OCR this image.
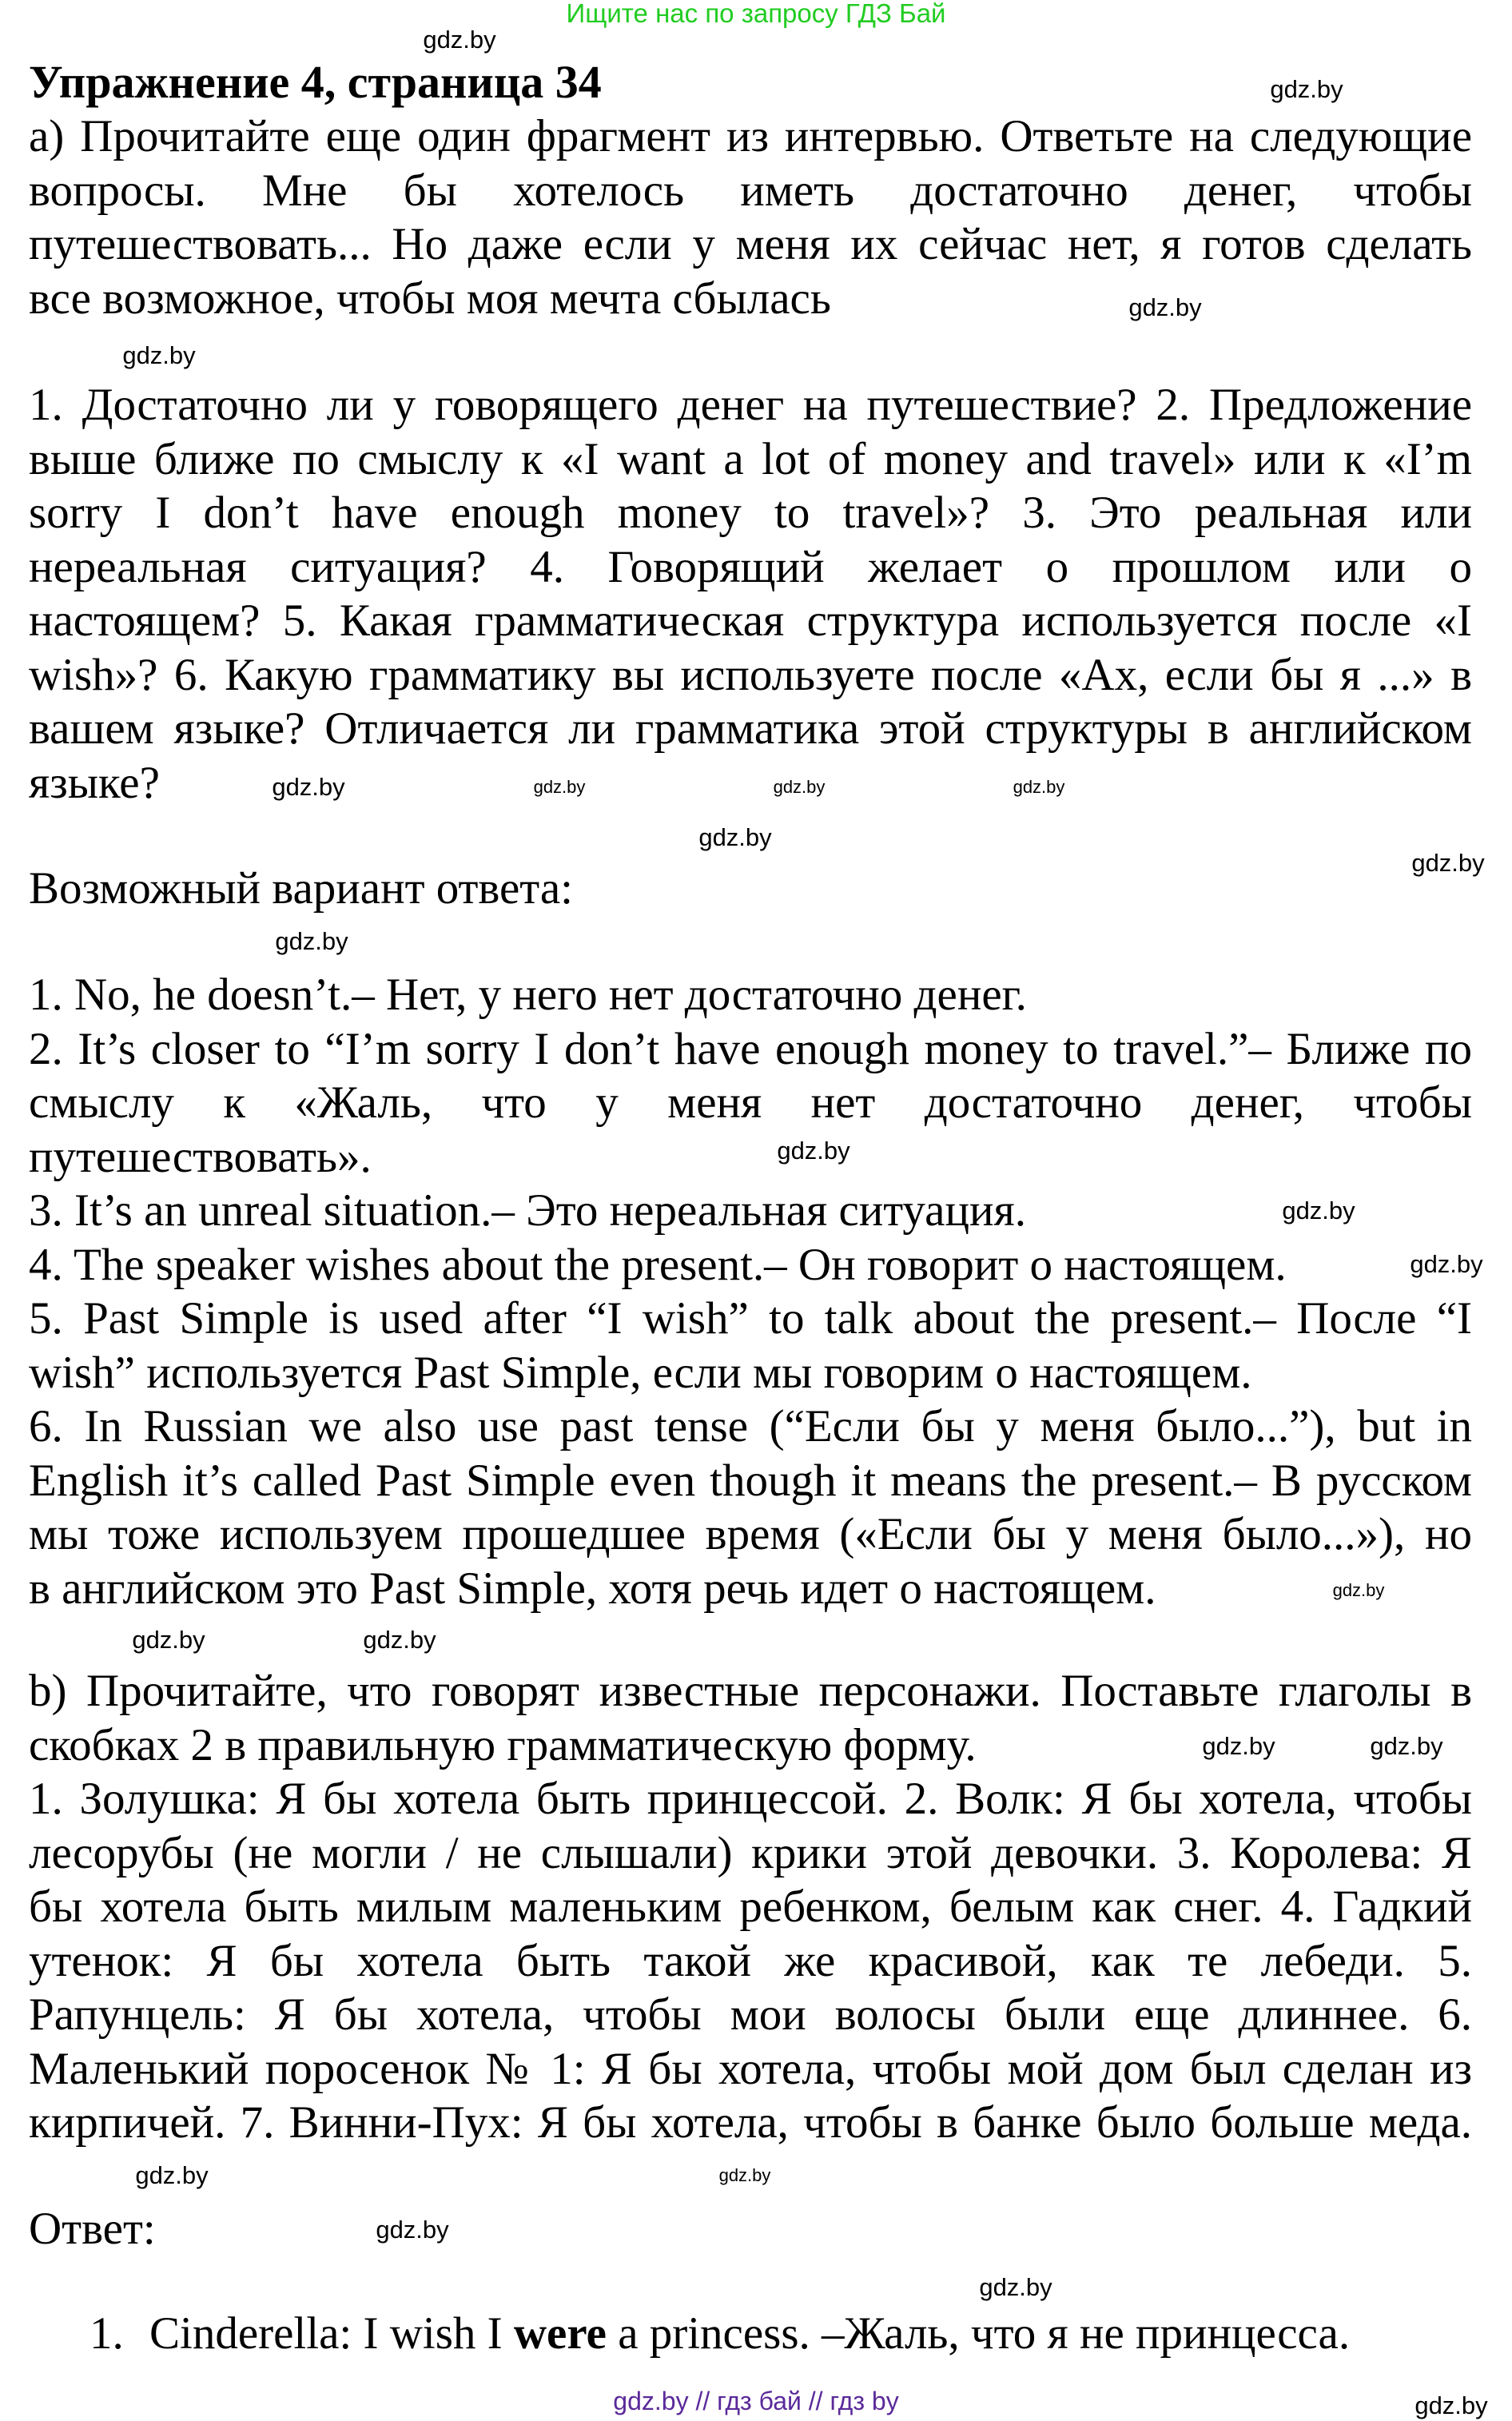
Ищите нас по запросу ГДЗ Бай
Упражнение 4, страница 34
а) Прочитайте еще один фрагмент из интервью. Ответьте на следующие
вопросы. Мне бы хотелось иметь достаточно денег, чтобы
путешествовать... Но даже если у меня их сейчас нет, я готов сделать
все возможное, чтобы моя мечта сбылась
1. Достаточно ли у говорящего денег на путешествие? 2. Предложение
выше ближе по смыслу к «I want a lot of money and travel» или к «I’m
sorry I don’t have enough money to travel»? 3. Это реальная или
нереальная ситуация? 4. Говорящий желает о прошлом или о
настоящем? 5. Какая грамматическая структура используется после «I
wish»? 6. Какую грамматику вы используете после «Ах, если бы я ...» в
вашем языке? Отличается ли грамматика этой структуры в английском
языке?
Возможный вариант ответа:
1. No, he doesn’t.– Нет, у него нет достаточно денег.
2. It’s closer to “I’m sorry I don’t have enough money to travel.”– Ближе по
смыслу к «Жаль, что у меня нет достаточно денег, чтобы
путешествовать».
3. It’s an unreal situation.– Это нереальная ситуация.
4. The speaker wishes about the present.– Он говорит о настоящем.
5. Past Simple is used after “I wish” to talk about the present.– После “I
wish” используется Past Simple, если мы говорим о настоящем.
6. In Russian we also use past tense (“Если бы у меня было...”), but in
English it’s called Past Simple even though it means the present.– В русском
мы тоже используем прошедшее время («Если бы у меня было...»), но
в английском это Past Simple, хотя речь идет о настоящем.
b) Прочитайте, что говорят известные персонажи. Поставьте глаголы в
скобках 2 в правильную грамматическую форму.
1. Золушка: Я бы хотела быть принцессой. 2. Волк: Я бы хотела, чтобы
лесорубы (не могли / не слышали) крики этой девочки. 3. Королева: Я
бы хотела быть милым маленьким ребенком, белым как снег. 4. Гадкий
утенок: Я бы хотела быть такой же красивой, как те лебеди. 5.
Рапунцель: Я бы хотела, чтобы мои волосы были еще длиннее. 6.
Маленький поросенок № 1: Я бы хотела, чтобы мой дом был сделан из
кирпичей. 7. Винни-Пух: Я бы хотела, чтобы в банке было больше меда.
Ответ:
1. Cinderella: I wish I were a princess. –Жаль, что я не принцесса.
gdz.by
gdz.by
gdz.by
gdz.by
gdz.by	gdz.by	gdz.by
gdz.by
gdz.by
gdz.by
gdz.by
gdz.by
gdz.by
gdz.by
gdz.by
gdz.by	gdz.by
gdz.by	gdz.by
gdz.by
gdz.by
gdz.by
gdz.by
gdz.by
gdz.by // гдз бай // гдз by
